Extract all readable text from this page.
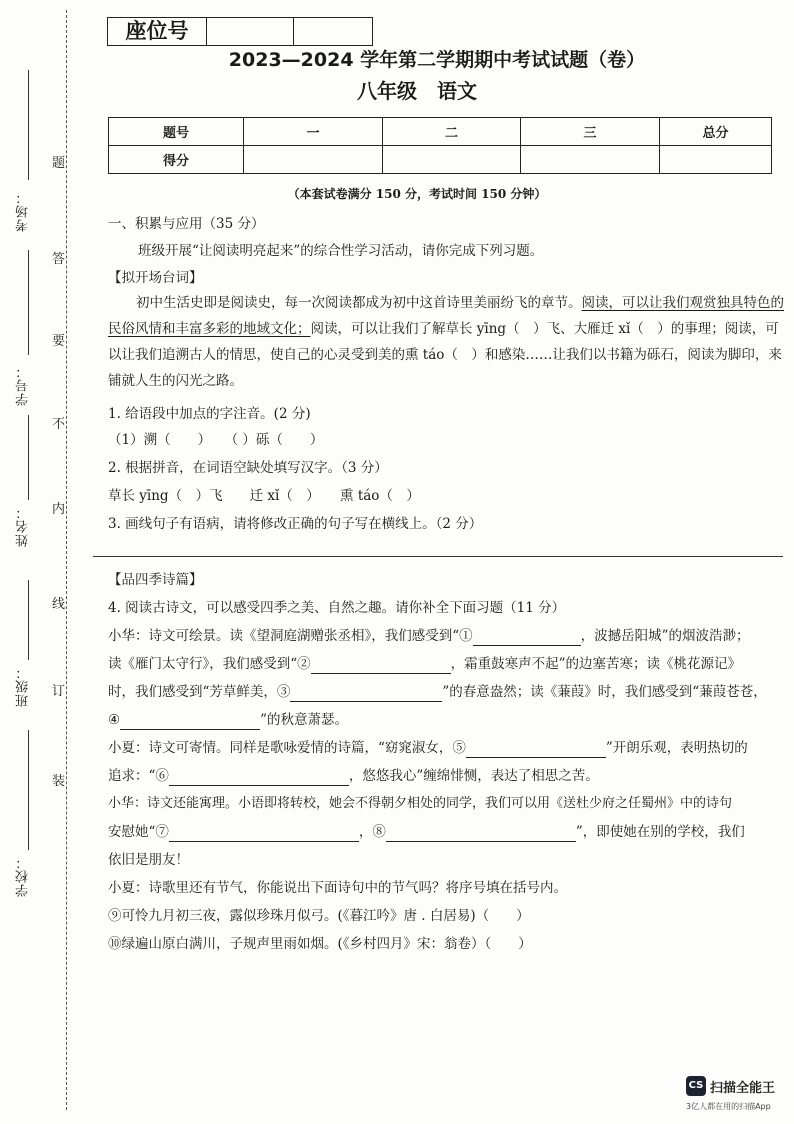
考场：
学号：
姓名：
班级：
学校：
题
答
要
不
内
线
订
装
座位号
2023—2024 学年第二学期期中考试试题（卷）
八年级　语文
题号	一	二	三	总分
得分				
（本套试卷满分 150 分，考试时间 150 分钟）
一、积累与应用（35 分）
班级开展“让阅读明亮起来”的综合性学习活动，请你完成下列习题。
【拟开场台词】
初中生活史即是阅读史，每一次阅读都成为初中这首诗里美丽纷飞的章节。阅读，可以让我们观赏独具特色的民俗风情和丰富多彩的地域文化；阅读，可以让我们了解草长 yīng（　）飞、大雁迁 xǐ（　）的事理；阅读，可以让我们追溯古人的情思，使自己的心灵受到美的熏 táo（　）和感染……让我们以书籍为砾石，阅读为脚印，来铺就人生的闪光之路。
1. 给语段中加点的字注音。(2 分)
（1）溯（　　）　　（ ）砾（　　）
2. 根据拼音，在词语空缺处填写汉字。（3 分）
草长 yīng（　）飞　　迁 xǐ（　）　　熏 táo（　）
3. 画线句子有语病，请将修改正确的句子写在横线上。（2 分）
【品四季诗篇】
4. 阅读古诗文，可以感受四季之美、自然之趣。请你补全下面习题（11 分）
小华：诗文可绘景。读《望洞庭湖赠张丞相》，我们感受到“①	，波撼岳阳城”的烟波浩渺；
读《雁门太守行》，我们感受到“②	，霜重鼓寒声不起”的边塞苦寒；读《桃花源记》
时，我们感受到“芳草鲜美，③	”的春意盎然；读《蒹葭》时，我们感受到“蒹葭苍苍，
④	”的秋意萧瑟。
小夏：诗文可寄情。同样是歌咏爱情的诗篇，“窈窕淑女，⑤	”开朗乐观，表明热切的
追求：“⑥	，悠悠我心”缠绵悱恻，表达了相思之苦。
小华：诗文还能寓理。小语即将转校，她会不得朝夕相处的同学，我们可以用《送杜少府之任蜀州》中的诗句
安慰她“⑦	，⑧	”，即使她在别的学校，我们
依旧是朋友！
小夏：诗歌里还有节气，你能说出下面诗句中的节气吗？将序号填在括号内。
⑨可怜九月初三夜，露似珍珠月似弓。(《暮江吟》唐 . 白居易)（　　）
⑩绿遍山原白满川，子规声里雨如烟。(《乡村四月》宋：翁卷）（　　）
CS 扫描全能王
3亿人都在用的扫描App
